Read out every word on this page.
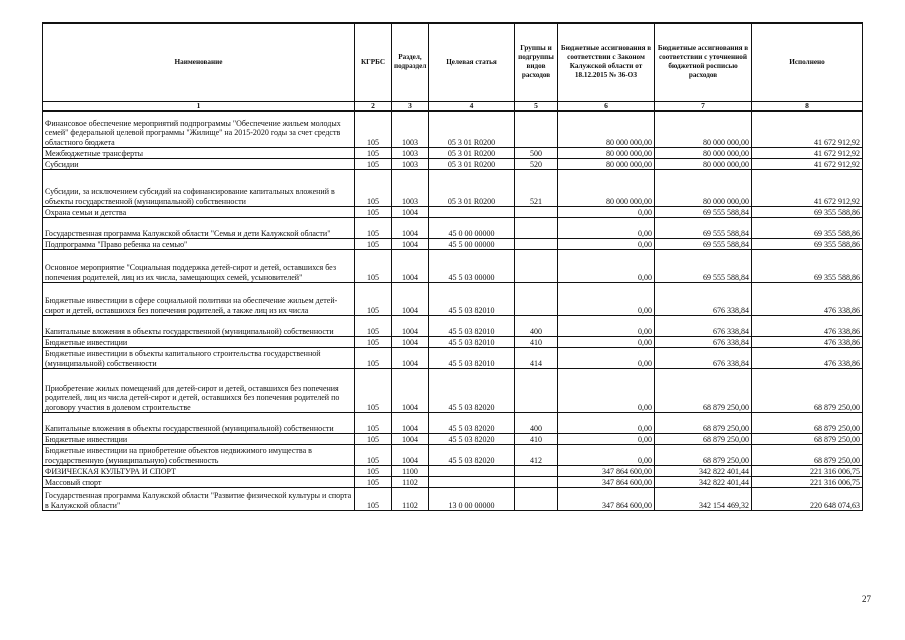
Наименование	КГРБС	Раздел, подраздел	Целевая статья	Группы и подгруппы видов расходов	Бюджетные ассигнования в соответствии с Законом Калужской области от 18.12.2015 № 36-ОЗ	Бюджетные ассигнования в соответствии с уточненной бюджетной росписью расходов	Исполнено
1	2	3	4	5	6	7	8
Финансовое обеспечение мероприятий подпрограммы "Обеспечение жильем молодых семей" федеральной целевой программы "Жилище" на 2015-2020 годы за счет средств областного бюджета	105	1003	05 3 01 R0200		80 000 000,00	80 000 000,00	41 672 912,92
Межбюджетные трансферты	105	1003	05 3 01 R0200	500	80 000 000,00	80 000 000,00	41 672 912,92
Субсидии	105	1003	05 3 01 R0200	520	80 000 000,00	80 000 000,00	41 672 912,92
Субсидии, за исключением субсидий на софинансирование капитальных вложений в объекты государственной (муниципальной) собственности	105	1003	05 3 01 R0200	521	80 000 000,00	80 000 000,00	41 672 912,92
Охрана семьи и детства	105	1004			0,00	69 555 588,84	69 355 588,86
Государственная программа Калужской области "Семья и дети Калужской области"	105	1004	45 0 00 00000		0,00	69 555 588,84	69 355 588,86
Подпрограмма "Право ребенка на семью"	105	1004	45 5 00 00000		0,00	69 555 588,84	69 355 588,86
Основное мероприятие "Социальная поддержка детей-сирот и детей, оставшихся без попечения родителей, лиц из их числа, замещающих семей, усыновителей"	105	1004	45 5 03 00000		0,00	69 555 588,84	69 355 588,86
Бюджетные инвестиции в сфере социальной политики на обеспечение жильем детей-сирот и детей, оставшихся без попечения родителей, а также лиц из их числа	105	1004	45 5 03 82010		0,00	676 338,84	476 338,86
Капитальные вложения в объекты государственной (муниципальной) собственности	105	1004	45 5 03 82010	400	0,00	676 338,84	476 338,86
Бюджетные инвестиции	105	1004	45 5 03 82010	410	0,00	676 338,84	476 338,86
Бюджетные инвестиции в объекты капитального строительства государственной (муниципальной) собственности	105	1004	45 5 03 82010	414	0,00	676 338,84	476 338,86
Приобретение жилых помещений для детей-сирот и детей, оставшихся без попечения родителей, лиц из числа детей-сирот и детей, оставшихся без попечения родителей по договору участия в долевом строительстве	105	1004	45 5 03 82020		0,00	68 879 250,00	68 879 250,00
Капитальные вложения в объекты государственной (муниципальной) собственности	105	1004	45 5 03 82020	400	0,00	68 879 250,00	68 879 250,00
Бюджетные инвестиции	105	1004	45 5 03 82020	410	0,00	68 879 250,00	68 879 250,00
Бюджетные инвестиции на приобретение объектов недвижимого имущества в государственную (муниципальную) собственность	105	1004	45 5 03 82020	412	0,00	68 879 250,00	68 879 250,00
ФИЗИЧЕСКАЯ КУЛЬТУРА И СПОРТ	105	1100			347 864 600,00	342 822 401,44	221 316 006,75
Массовый спорт	105	1102			347 864 600,00	342 822 401,44	221 316 006,75
Государственная программа Калужской области "Развитие физической культуры и спорта в Калужской области"	105	1102	13 0 00 00000		347 864 600,00	342 154 469,32	220 648 074,63
27
